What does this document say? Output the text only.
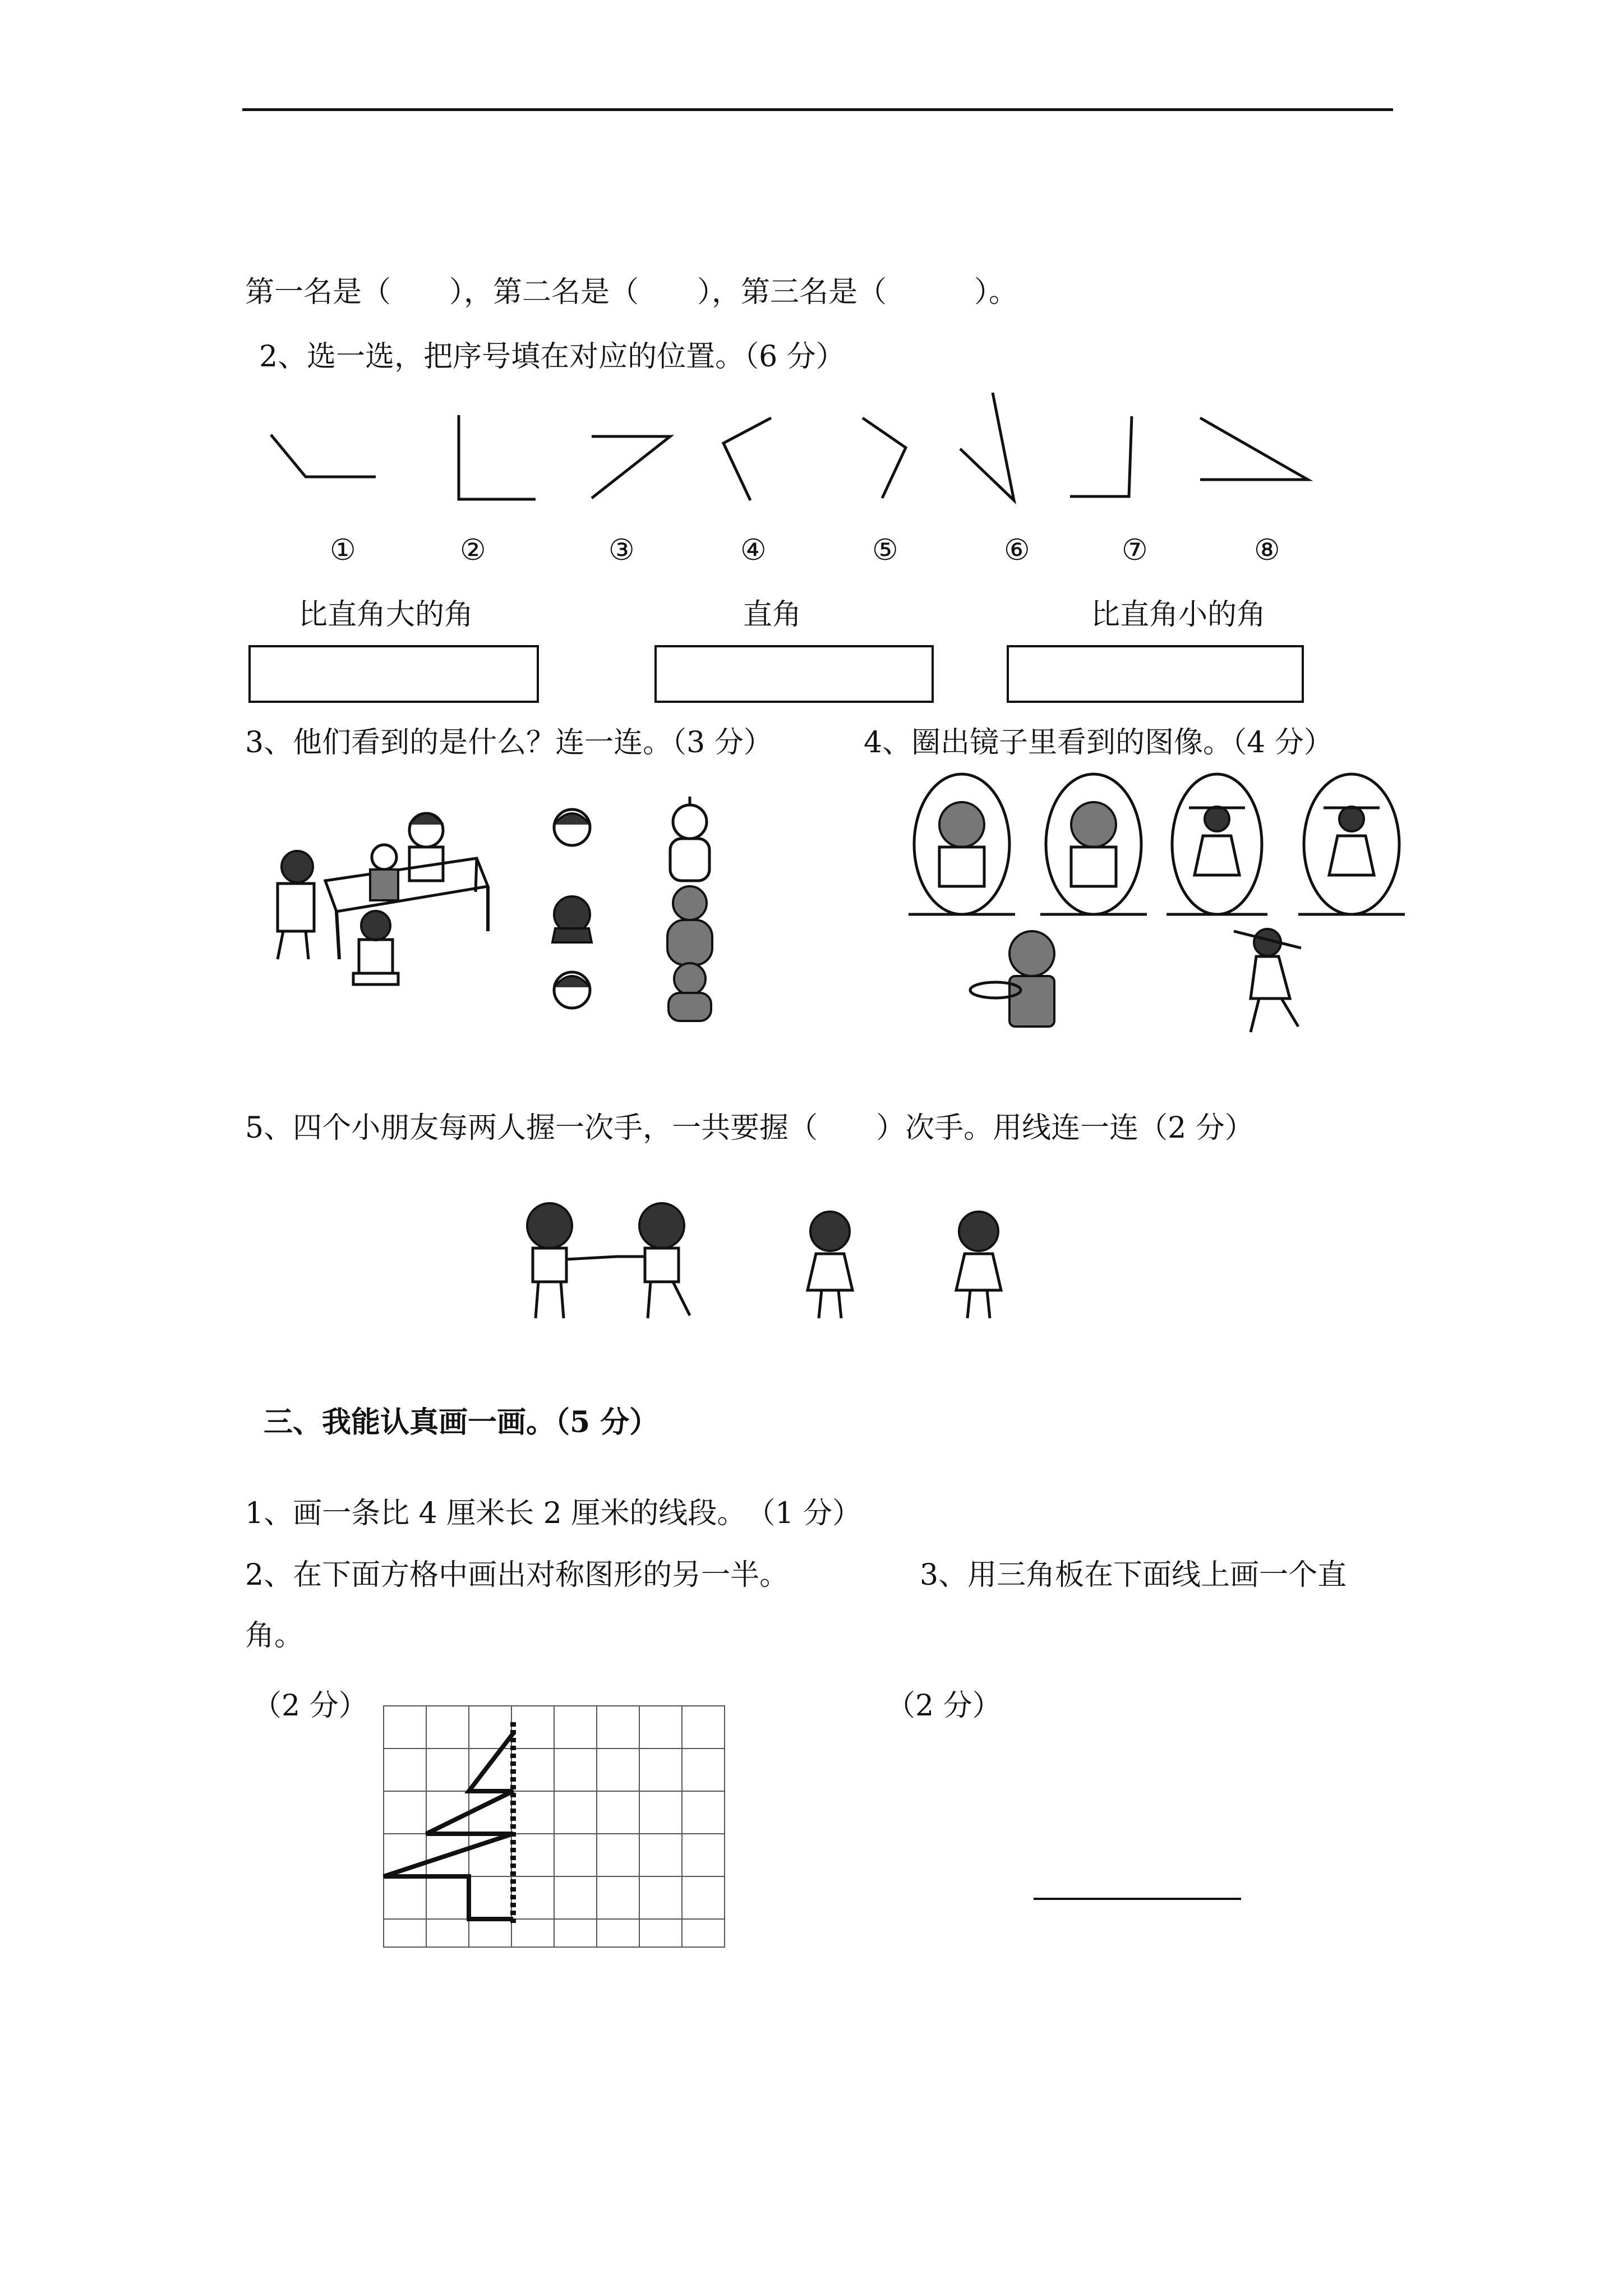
第一名是（　　），第二名是（　　），第三名是（　　　）。
2、选一选，把序号填在对应的位置。（6 分）
①	②	③	④	⑤	⑥	⑦	⑧
比直角大的角	直角	比直角小的角
3、他们看到的是什么？连一连。（3 分）	4、圈出镜子里看到的图像。（4 分）
5、四个小朋友每两人握一次手，一共要握（　　）次手。用线连一连（2 分）
三、我能认真画一画。（5 分）
1、画一条比 4 厘米长 2 厘米的线段。　（1 分）
2、在下面方格中画出对称图形的另一半。	3、用三角板在下面线上画一个直
角。
（2 分）	（2 分）
